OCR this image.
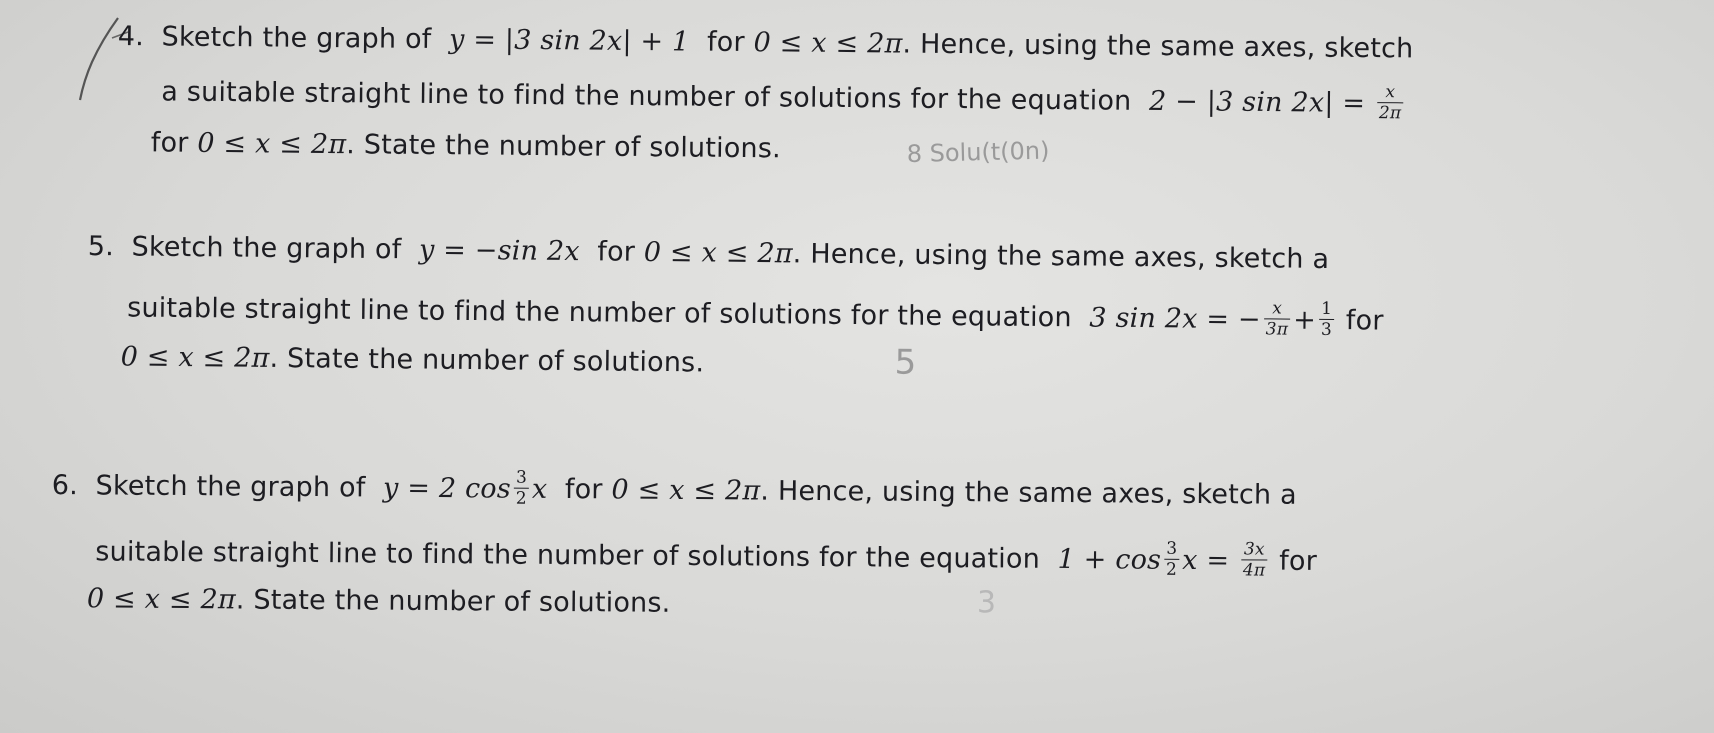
4. Sketch the graph of y = |3 sin 2x| + 1 for 0 ≤ x ≤ 2π. Hence, using the same axes, sketch
a suitable straight line to find the number of solutions for the equation 2 − |3 $\sin 2x| = \frac{x}{2\pi}$
for 0 ≤ x ≤ 2π. State the number of solutions.	8 Solu(t(0n)
5. Sketch the graph of y = −sin 2x for 0 ≤ x ≤ 2π. Hence, using the same axes, sketch a
suitable straight line to find the number of solutions for the equation 3 sin 2x = − $\frac{x}{3\pi} + \frac{1}{3}$ for
0 ≤ x ≤ 2π. State the number of solutions.	5
6. Sketch the graph of y = 2 $\cos \frac{3}{2}$ x for 0 ≤ x ≤ 2π. Hence, using the same axes, sketch a
suitable straight line to find the number of solutions for the equation $1 + \cos \frac{3}{2}$ $x = \frac{3x}{4\pi}$ for
0 ≤ x ≤ 2π. State the number of solutions.	3
